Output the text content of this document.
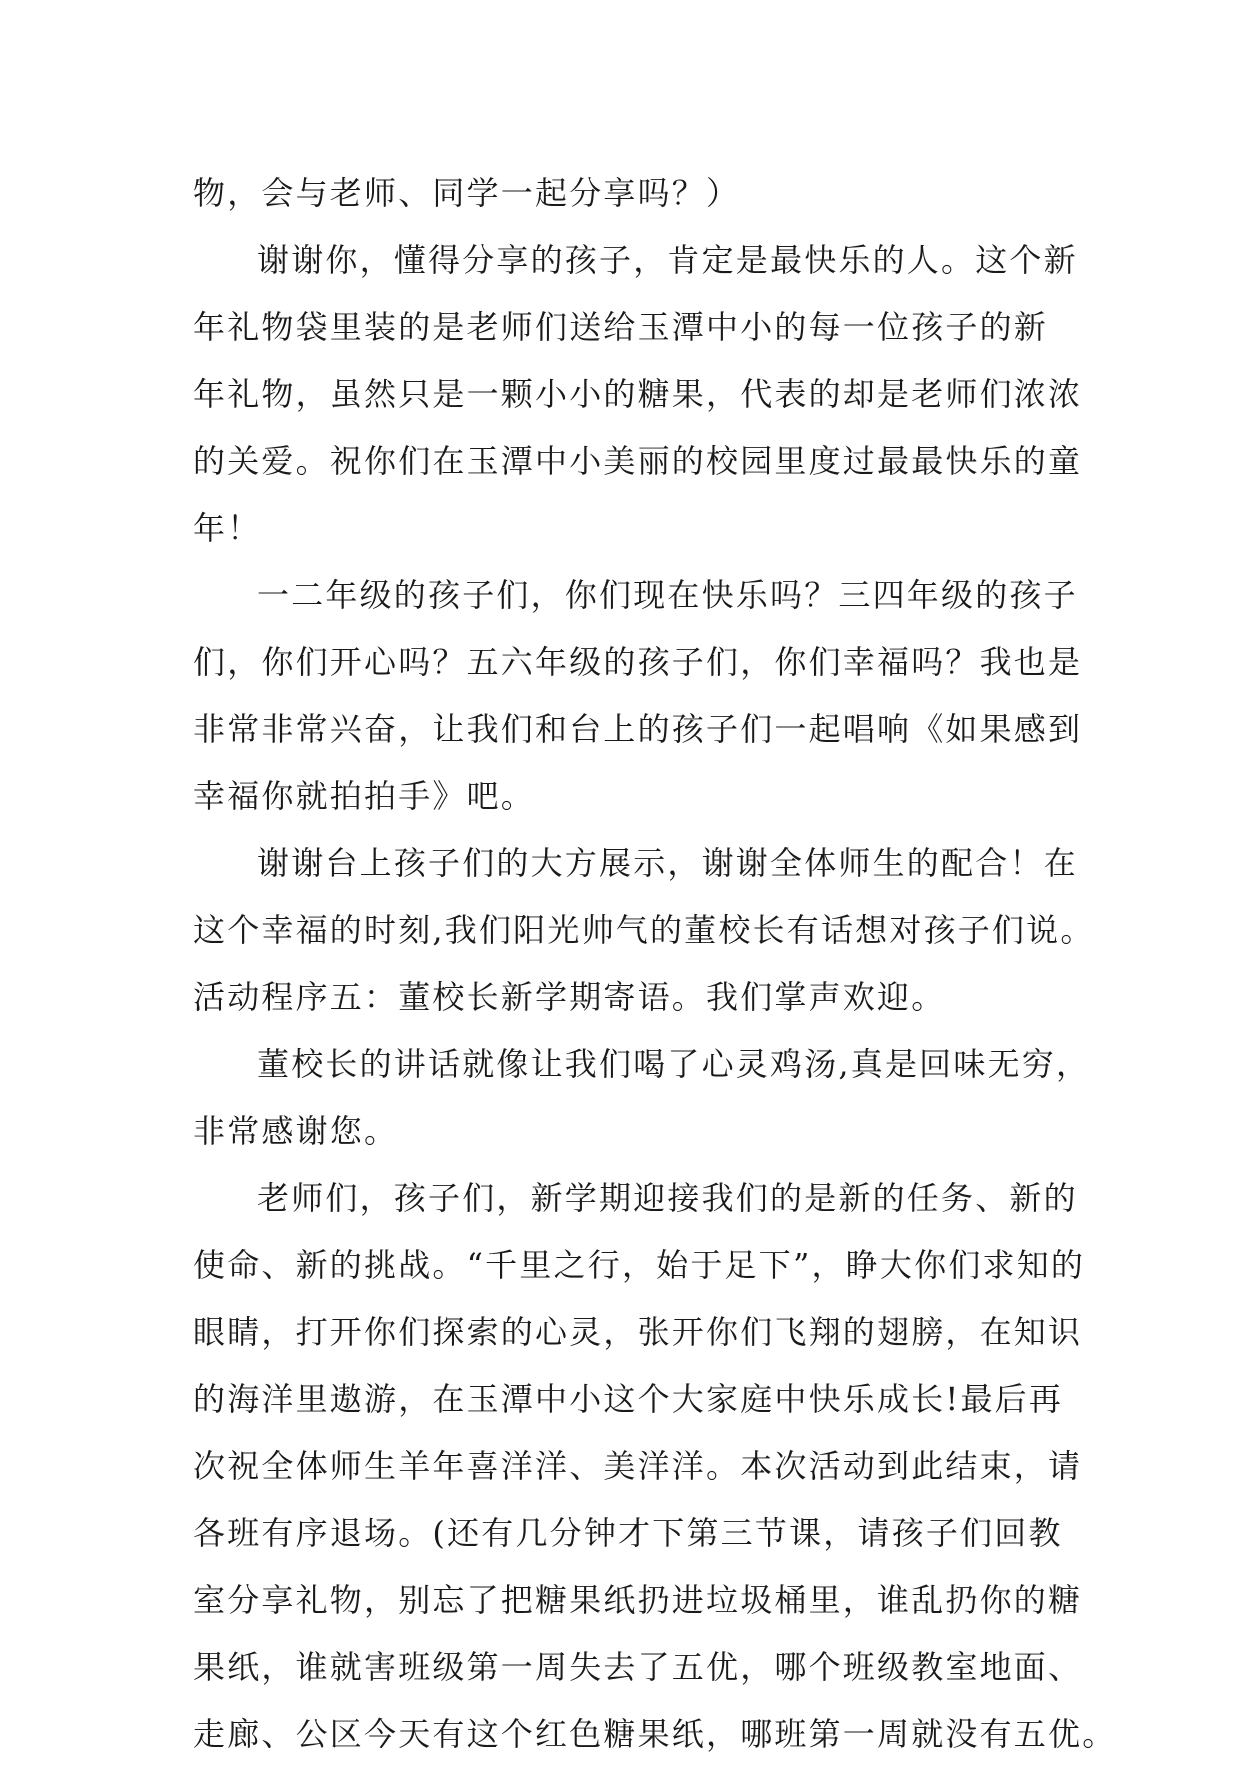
物，会与老师、同学一起分享吗？）
谢谢你，懂得分享的孩子，肯定是最快乐的人。这个新
年礼物袋里装的是老师们送给玉潭中小的每一位孩子的新
年礼物，虽然只是一颗小小的糖果，代表的却是老师们浓浓
的关爱。祝你们在玉潭中小美丽的校园里度过最最快乐的童
年！
一二年级的孩子们，你们现在快乐吗？三四年级的孩子
们，你们开心吗？五六年级的孩子们，你们幸福吗？我也是
非常非常兴奋，让我们和台上的孩子们一起唱响《如果感到
幸福你就拍拍手》吧。
谢谢台上孩子们的大方展示，谢谢全体师生的配合！在
这个幸福的时刻,我们阳光帅气的董校长有话想对孩子们说。
活动程序五：董校长新学期寄语。我们掌声欢迎。
董校长的讲话就像让我们喝了心灵鸡汤,真是回味无穷，
非常感谢您。
老师们，孩子们，新学期迎接我们的是新的任务、新的
使命、新的挑战。“千里之行，始于足下”，睁大你们求知的
眼睛，打开你们探索的心灵，张开你们飞翔的翅膀，在知识
的海洋里遨游，在玉潭中小这个大家庭中快乐成长!最后再
次祝全体师生羊年喜洋洋、美洋洋。本次活动到此结束，请
各班有序退场。(还有几分钟才下第三节课，请孩子们回教
室分享礼物，别忘了把糖果纸扔进垃圾桶里，谁乱扔你的糖
果纸，谁就害班级第一周失去了五优，哪个班级教室地面、
走廊、公区今天有这个红色糖果纸，哪班第一周就没有五优。
